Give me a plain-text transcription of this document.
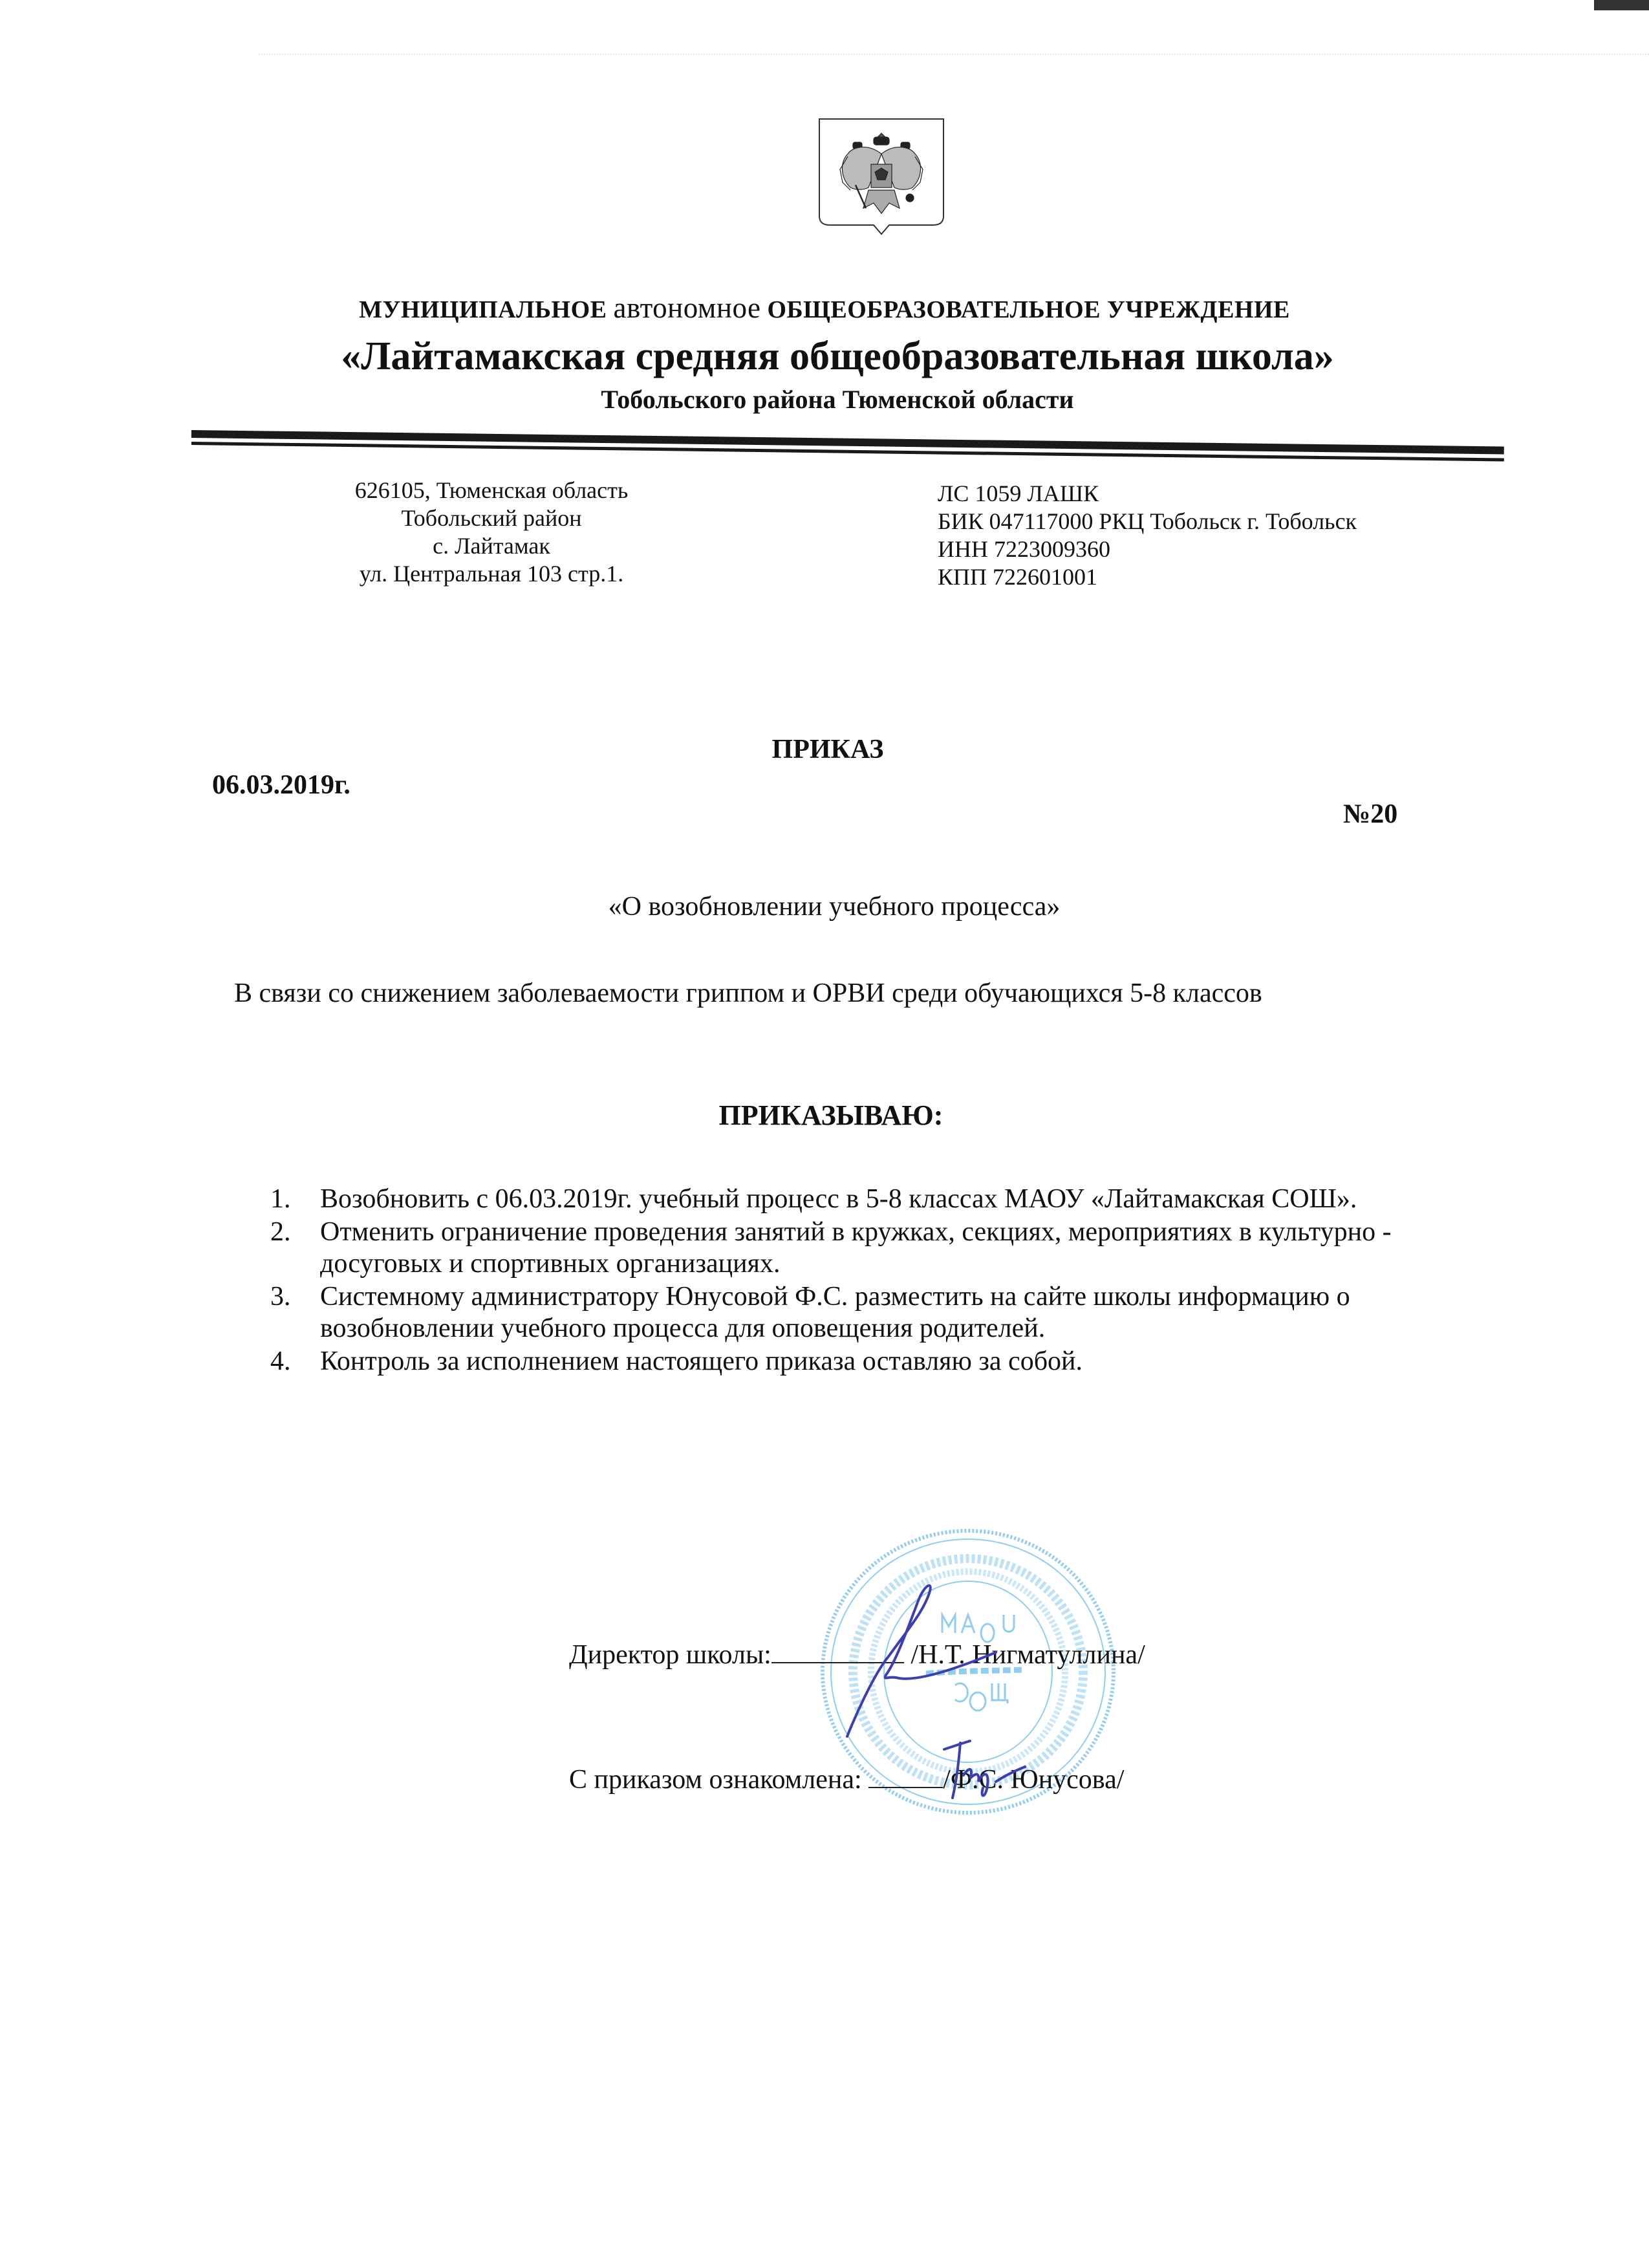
МУНИЦИПАЛЬНОЕ автономное ОБЩЕОБРАЗОВАТЕЛЬНОЕ УЧРЕЖДЕНИЕ
«Лайтамакская средняя общеобразовательная школа»
Тобольского района Тюменской области
626105, Тюменская область
Тобольский район
с. Лайтамак
ул. Центральная 103 стр.1.
ЛС 1059 ЛАШК
БИК 047117000 РКЦ Тобольск г. Тобольск
ИНН 7223009360
КПП 722601001
ПРИКАЗ
06.03.2019г.
№20
«О возобновлении учебного процесса»
В связи со снижением заболеваемости гриппом и ОРВИ среди обучающихся 5-8 классов
ПРИКАЗЫВАЮ:
1. Возобновить с 06.03.2019г. учебный процесс в 5-8 классах МАОУ «Лайтамакская СОШ».
2. Отменить ограничение проведения занятий в кружках, секциях, мероприятиях в культурно - досуговых и спортивных организациях.
3. Системному администратору Юнусовой Ф.С. разместить на сайте школы информацию о возобновлении учебного процесса для оповещения родителей.
4. Контроль за исполнением настоящего приказа оставляю за собой.
Директор школы:	/Н.Т. Нигматуллина/
С приказом ознакомлена:	/Ф.С. Юнусова/
